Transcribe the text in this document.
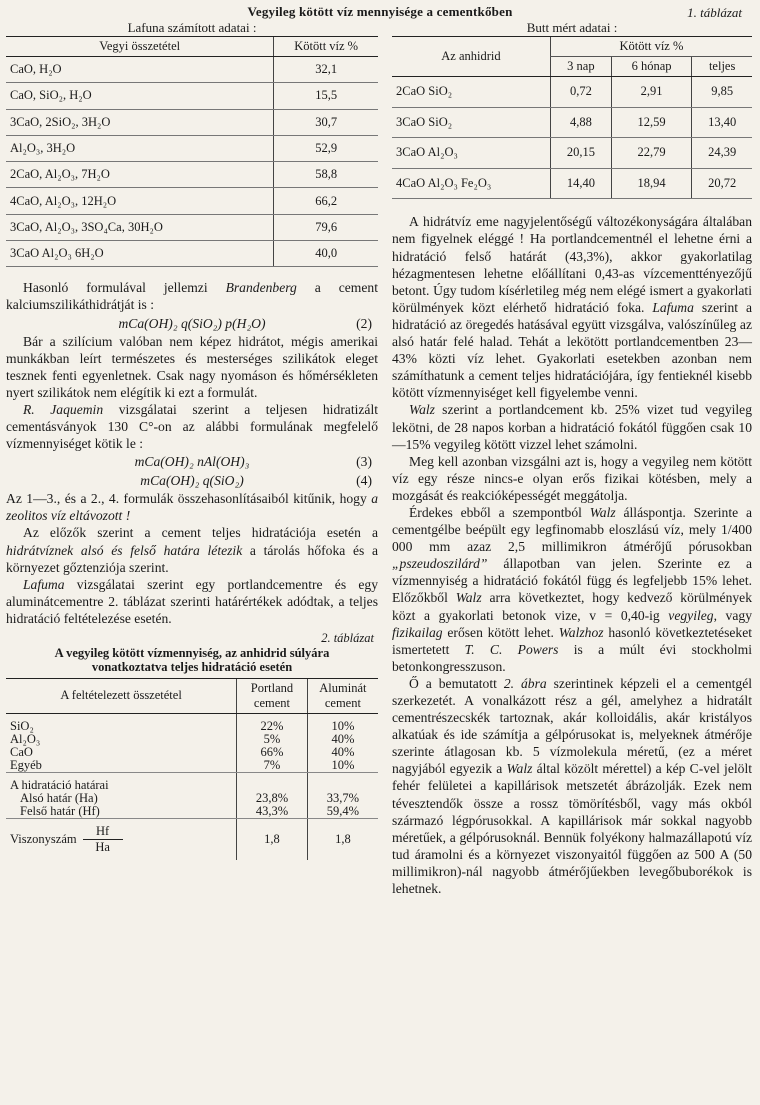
Vegyileg kötött víz mennyisége a cementkőben	1. táblázat

Lafuna számított adatai :

Vegyi összetétel	Kötött víz %
CaO, H₂O	32,1
CaO, SiO₂, H₂O	15,5
3CaO, 2SiO₂, 3H₂O	30,7
Al₂O₃, 3H₂O	52,9
2CaO, Al₂O₃, 7H₂O	58,8
4CaO, Al₂O₃, 12H₂O	66,2
3CaO, Al₂O₃, 3SO₄Ca, 30H₂O	79,6
3CaO Al₂O₃ 6H₂O	40,0

Hasonló formulával jellemzi Brandenberg a cement kalciumszilikáthidrátját is :

mCa(OH)₂ q(SiO₂) p(H₂O)	(2)

Bár a szilícium valóban nem képez hidrátot, mégis amerikai munkákban leírt természetes és mesterséges szilikátok eleget tesznek fenti egyenletnek. Csak nagy nyomáson és hőmérsékleten nyert szilikátok nem elégítik ki ezt a formulát.

R. Jaquemin vizsgálatai szerint a teljesen hidratizált cementásványok 130 C°-on az alábbi formulának megfelelő vízmennyiséget kötik le :

mCa(OH)₂ nAl(OH)₃	(3)
mCa(OH)₂ q(SiO₂)	(4)

Az 1—3., és a 2., 4. formulák összehasonlításaiból kitűnik, hogy a zeolitos víz eltávozott !

Az előzők szerint a cement teljes hidratációja esetén a hidrátvíznek alsó és felső határa létezik a tárolás hőfoka és a környezet gőztenziója szerint.

Lafuma vizsgálatai szerint egy portlandcementre és egy aluminátcementre 2. táblázat szerinti határértékek adódtak, a teljes hidratáció feltételezése esetén.

2. táblázat
A vegyileg kötött vízmennyiség, az anhidrid súlyára
vonatkoztatva teljes hidratáció esetén
A feltételezett összetétel	Portland cement	Aluminát cement

SiO₂	22%	10%
Al₂O₃	5%	40%
CaO	66%	40%
Egyéb	7%	10%

A hidratáció határai		
Alsó határ (Ha)	23,8%	33,7%
Felső határ (Hf)	43,3%	59,4%

Viszonyszám $\frac{Hf}{Ha}$	1,8	1,8

Butt mért adatai :

Az anhidrid	Kötött víz %		
	3 nap	6 hónap	teljes
2CaO SiO₂	0,72	2,91	9,85
3CaO SiO₂	4,88	12,59	13,40
3CaO Al₂O₃	20,15	22,79	24,39
4CaO Al₂O₃ Fe₂O₃	14,40	18,94	20,72

A hidrátvíz eme nagyjelentőségű változékonyságára általában nem figyelnek eléggé ! Ha portlandcementnél el lehetne érni a hidratáció felső határát (43,3%), akkor gyakorlatilag hézagmentesen lehetne előállítani 0,43-as vízcementtényezőjű betont. Úgy tudom kísérletileg még nem elégé ismert a gyakorlati körülmények közt elérhető hidratáció foka. Lafuma szerint a hidratáció az öregedés hatásával együtt vizsgálva, valószínűleg az alsó határ felé halad. Tehát a lekötött portlandcementben 23—43% közti víz lehet. Gyakorlati esetekben azonban nem számíthatunk a cement teljes hidratációjára, így fentieknél kisebb kötött vízmennyiséget kell figyelembe venni.

Walz szerint a portlandcement kb. 25% vizet tud vegyileg lekötni, de 28 napos korban a hidratáció fokától függően csak 10—15% vegyileg kötött vizzel lehet számolni.

Meg kell azonban vizsgálni azt is, hogy a vegyileg nem kötött víz egy része nincs-e olyan erős fizikai kötésben, mely a mozgását és reakcióképességét meggátolja.

Érdekes ebből a szempontból Walz álláspontja. Szerinte a cementgélbe beépült egy legfinomabb eloszlású víz, mely 1/400 000 mm azaz 2,5 millimikron átmérőjű pórusokban „pszeudoszilárd” állapotban van jelen. Szerinte ez a vízmennyiség a hidratáció fokától függ és legfeljebb 15% lehet. Előzőkből Walz arra következtet, hogy kedvező körülmények közt a gyakorlati betonok vize, v = 0,40-ig vegyileg, vagy fizikailag erősen kötött lehet. Walzhoz hasonló következtetéseket ismertetett T. C. Powers is a múlt évi stockholmi betonkongresszuson.

Ő a bemutatott 2. ábra szerintinek képzeli el a cementgél szerkezetét. A vonalkázott rész a gél, amelyhez a hidratált cementrészecskék tartoznak, akár kolloidális, akár kristályos alkatúak és ide számítja a gélpórusokat is, melyeknek átmérője szerinte átlagosan kb. 5 vízmolekula méretű, (ez a méret nagyjából egyezik a Walz által közölt mérettel) a kép C-vel jelölt fehér felületei a kapillárisok metszetét ábrázolják. Ezek nem tévesztendők össze a rossz tömörítésből, vagy más okból származó légpórusokkal. A kapillárisok már sokkal nagyobb méretűek, a gélpórusoknál. Bennük folyékony halmazállapotú víz tud áramolni és a környezet viszonyaitól függően az 500 A (50 millimikron)-nál nagyobb átmérőjűekben levegőbuborékok is lehetnek.
